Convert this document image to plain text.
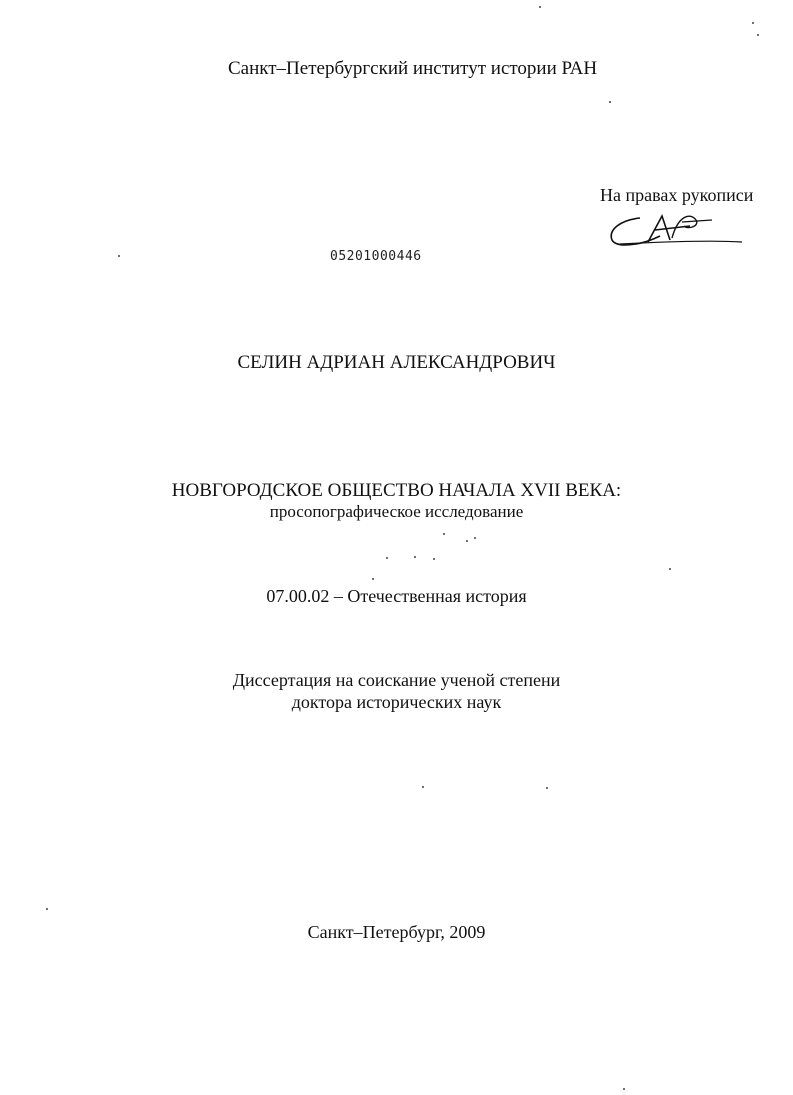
Санкт–Петербургский институт истории РАН
На правах рукописи
05201000446
СЕЛИН АДРИАН АЛЕКСАНДРОВИЧ
НОВГОРОДСКОЕ ОБЩЕСТВО НАЧАЛА XVII ВЕКА:
просопографическое исследование
07.00.02 – Отечественная история
Диссертация на соискание ученой степени
доктора исторических наук
Санкт–Петербург, 2009
